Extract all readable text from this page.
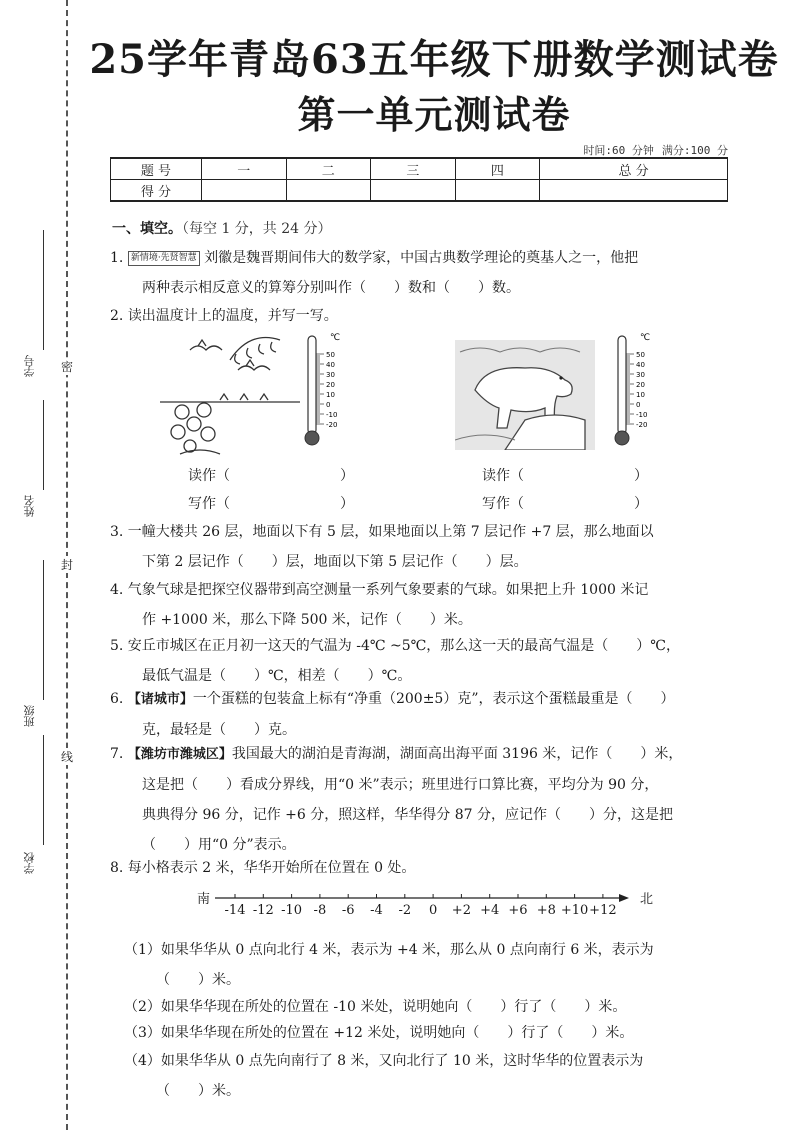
学号
姓名
班级
学校
密
封
线
25学年青岛63五年级下册数学测试卷
第一单元测试卷
时间:60 分钟 满分:100 分
题 号	一	二	三	四	总 分
得 分					
一、填空。（每空 1 分，共 24 分）
1. 新情境·先贤智慧 刘徽是魏晋期间伟大的数学家，中国古典数学理论的奠基人之一，他把
两种表示相反意义的算筹分别叫作（　　）数和（　　）数。
2. 读出温度计上的温度，并写一写。
℃
50
40
30
20
10
0
-10
-20
℃
50
40
30
20
10
0
-10
-20
读作（	）
写作（	）
读作（	）
写作（	）
3. 一幢大楼共 26 层，地面以下有 5 层，如果地面以上第 7 层记作 +7 层，那么地面以
下第 2 层记作（　　）层，地面以下第 5 层记作（　　）层。
4. 气象气球是把探空仪器带到高空测量一系列气象要素的气球。如果把上升 1000 米记
作 +1000 米，那么下降 500 米，记作（　　）米。
5. 安丘市城区在正月初一这天的气温为 -4℃ ~5℃，那么这一天的最高气温是（　　）℃，
最低气温是（　　）℃，相差（　　）℃。
6. 【诸城市】一个蛋糕的包装盒上标有“净重（200±5）克”，表示这个蛋糕最重是（　　）
克，最轻是（　　）克。
7. 【潍坊市潍城区】我国最大的湖泊是青海湖，湖面高出海平面 3196 米，记作（　　）米，
这是把（　　）看成分界线，用“0 米”表示；班里进行口算比赛，平均分为 90 分，
典典得分 96 分，记作 +6 分，照这样，华华得分 87 分，应记作（　　）分，这是把
（　　）用“0 分”表示。
8. 每小格表示 2 米，华华开始所在位置在 0 处。
南	北
-14 -12 -10 -8	-6	-4	-2	0	+2 +4 +6 +8 +10 +12
（1）如果华华从 0 点向北行 4 米，表示为 +4 米，那么从 0 点向南行 6 米，表示为
（　　）米。
（2）如果华华现在所处的位置在 -10 米处，说明她向（　　）行了（　　）米。
（3）如果华华现在所处的位置在 +12 米处，说明她向（　　）行了（　　）米。
（4）如果华华从 0 点先向南行了 8 米，又向北行了 10 米，这时华华的位置表示为
（　　）米。
